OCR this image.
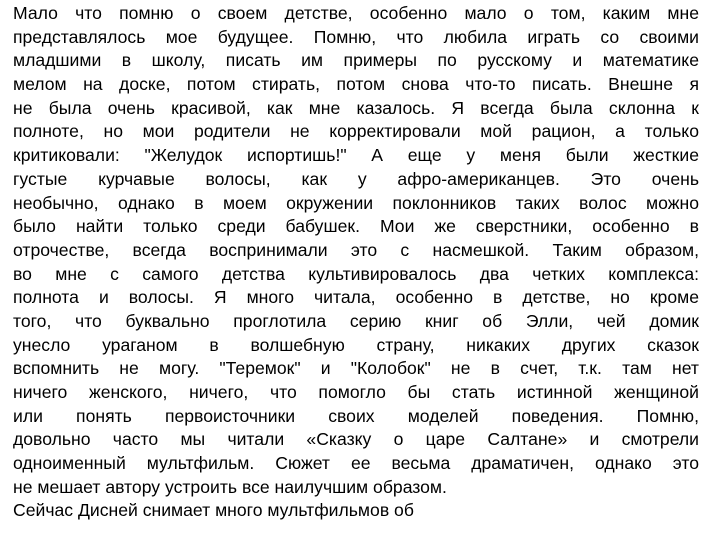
Мало что помню о своем детстве, особенно мало о том, каким мне
представлялось мое будущее. Помню, что любила играть со своими
младшими в школу, писать им примеры по русскому и математике
мелом на доске, потом стирать, потом снова что-то писать. Внешне я
не была очень красивой, как мне казалось. Я всегда была склонна к
полноте, но мои родители не корректировали мой рацион, а только
критиковали: "Желудок испортишь!" А еще у меня были жесткие
густые курчавые волосы, как у афро-американцев. Это очень
необычно, однако в моем окружении поклонников таких волос можно
было найти только среди бабушек. Мои же сверстники, особенно в
отрочестве, всегда воспринимали это с насмешкой. Таким образом,
во мне с самого детства культивировалось два четких комплекса:
полнота и волосы. Я много читала, особенно в детстве, но кроме
того, что буквально проглотила серию книг об Элли, чей домик
унесло ураганом в волшебную страну, никаких других сказок
вспомнить не могу. "Теремок" и "Колобок" не в счет, т.к. там нет
ничего женского, ничего, что помогло бы стать истинной женщиной
или понять первоисточники своих моделей поведения. Помню,
довольно часто мы читали «Сказку о царе Салтане» и смотрели
одноименный мультфильм. Сюжет ее весьма драматичен, однако это
не мешает автору устроить все наилучшим образом.
Сейчас Дисней снимает много мультфильмов об
